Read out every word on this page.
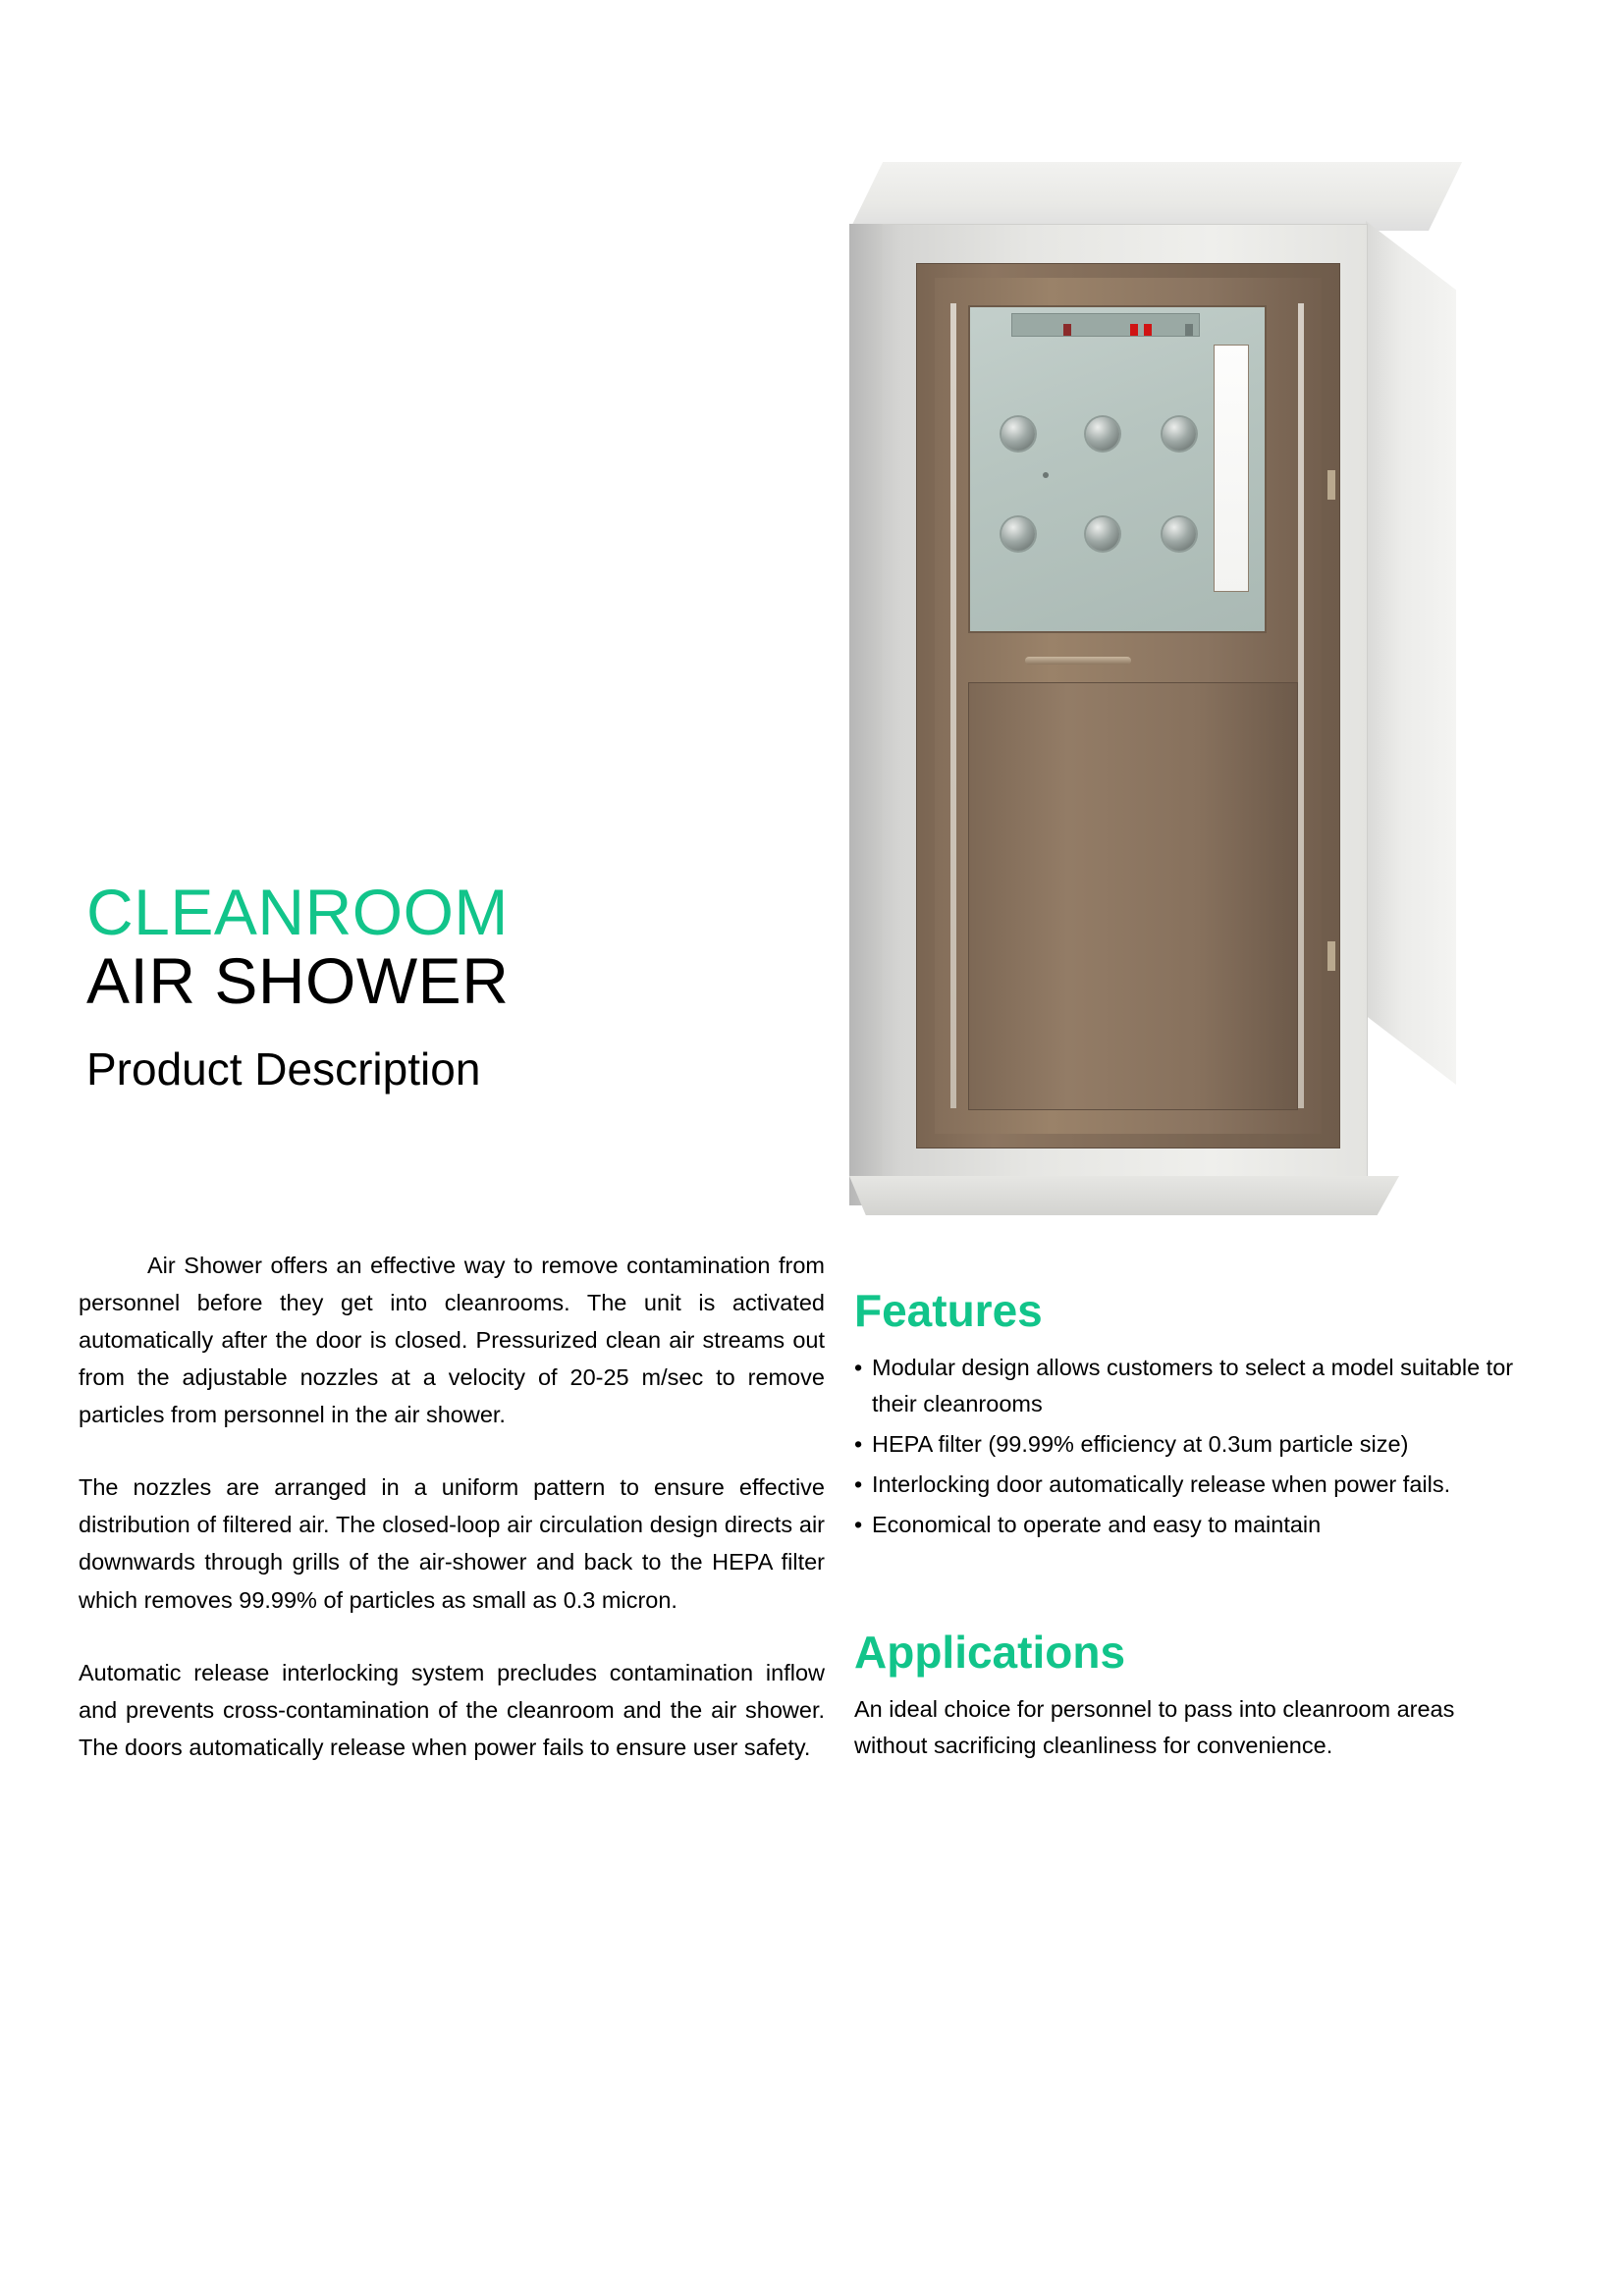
CLEANROOM
AIR SHOWER
Product Description

Air Shower offers an effective way to remove contamination from personnel before they get into cleanrooms. The unit is activated automatically after the door is closed. Pressurized clean air streams out from the adjustable nozzles at a velocity of 20-25 m/sec to remove particles from personnel in the air shower.

The nozzles are arranged in a uniform pattern to ensure effective distribution of filtered air. The closed-loop air circulation design directs air downwards through grills of the air-shower and back to the HEPA filter which removes 99.99% of particles as small as 0.3 micron.

Automatic release interlocking system precludes contamination inflow and prevents cross-contamination of the cleanroom and the air shower. The doors automatically release when power fails to ensure user safety.

Features
• Modular design allows customers to select a model suitable tor their cleanrooms
• HEPA filter (99.99% efficiency at 0.3um particle size)
• Interlocking door automatically release when power fails.
• Economical to operate and easy to maintain
Applications

An ideal choice for personnel to pass into cleanroom areas without sacrificing cleanliness for convenience.
